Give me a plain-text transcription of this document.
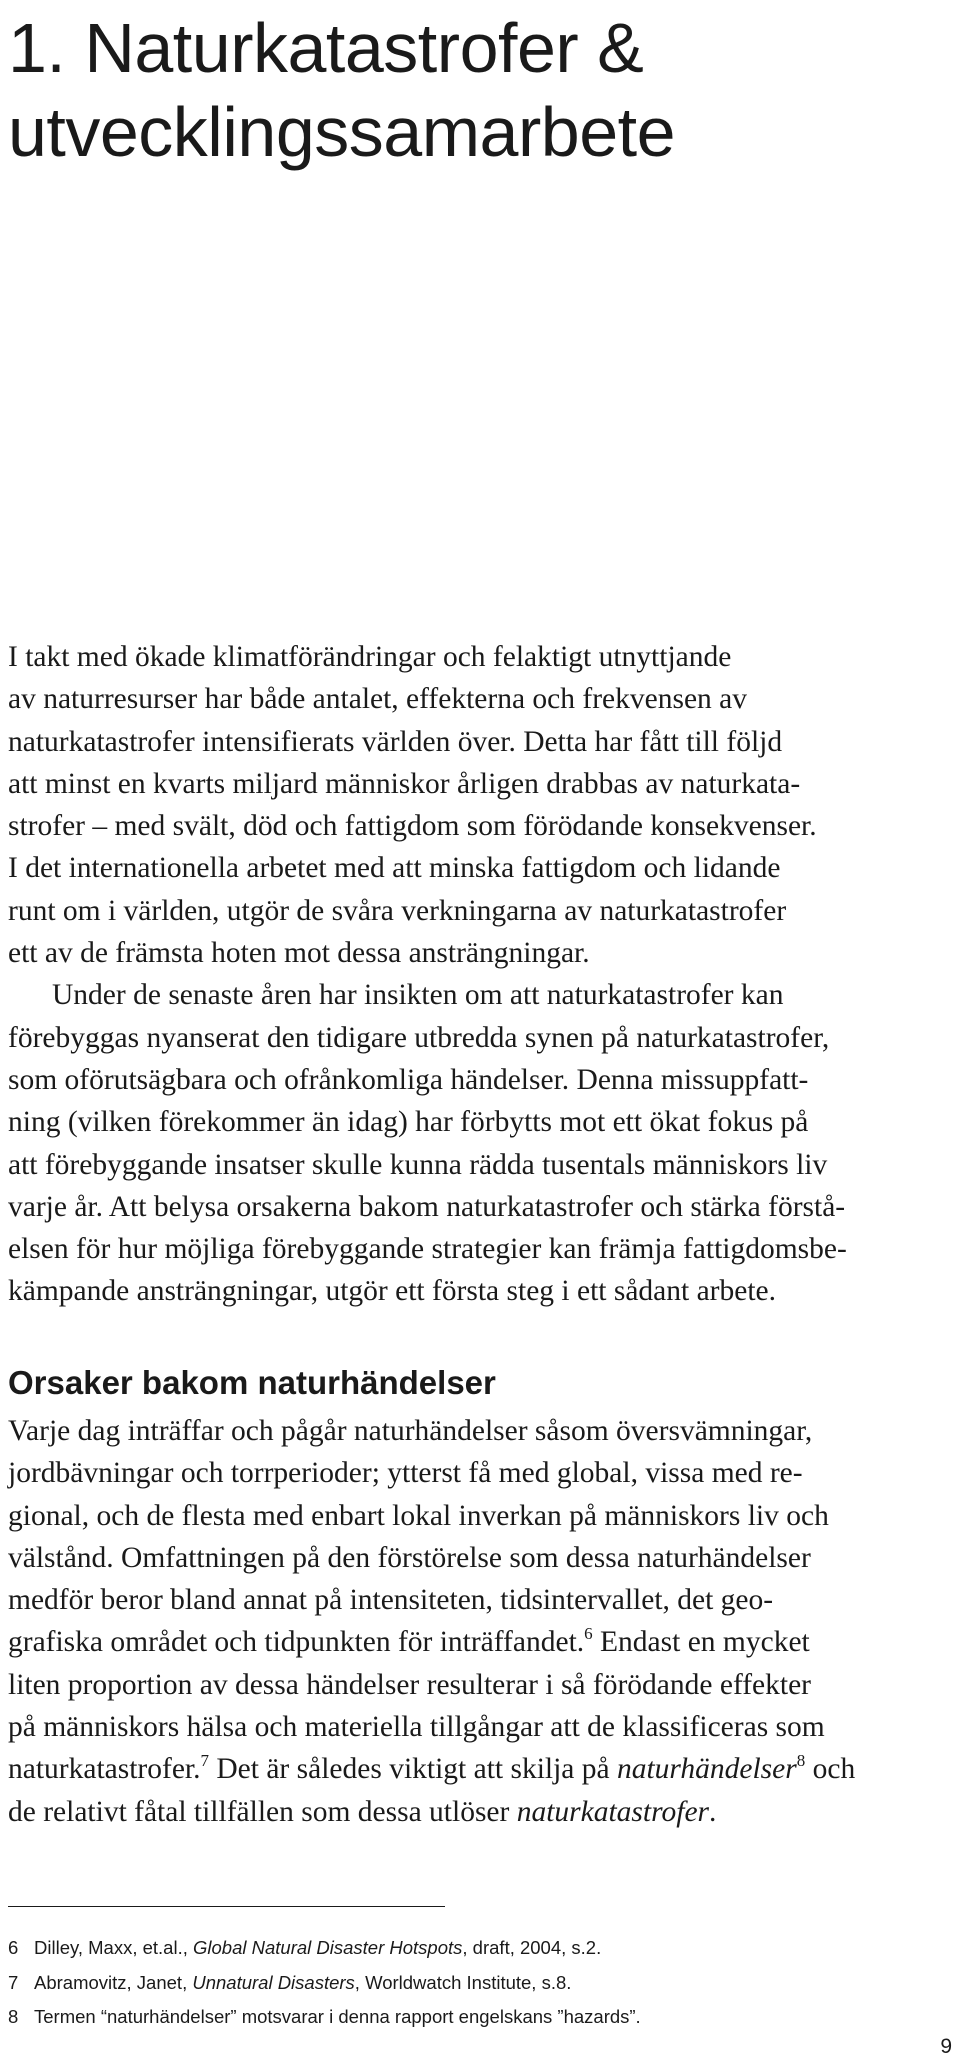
1. Naturkatastrofer &
utvecklingssamarbete
I takt med ökade klimatförändringar och felaktigt utnyttjande
av naturresurser har både antalet, effekterna och frekvensen av
naturkatastrofer intensifierats världen över. Detta har fått till följd
att minst en kvarts miljard människor årligen drabbas av naturkata-
strofer – med svält, död och fattigdom som förödande konsekvenser.
I det internationella arbetet med att minska fattigdom och lidande
runt om i världen, utgör de svåra verkningarna av naturkatastrofer
ett av de främsta hoten mot dessa ansträngningar.
Under de senaste åren har insikten om att naturkatastrofer kan
förebyggas nyanserat den tidigare utbredda synen på naturkatastrofer,
som oförutsägbara och ofrånkomliga händelser. Denna missuppfatt-
ning (vilken förekommer än idag) har förbytts mot ett ökat fokus på
att förebyggande insatser skulle kunna rädda tusentals människors liv
varje år. Att belysa orsakerna bakom naturkatastrofer och stärka förstå-
elsen för hur möjliga förebyggande strategier kan främja fattigdomsbe-
kämpande ansträngningar, utgör ett första steg i ett sådant arbete.
Orsaker bakom naturhändelser
Varje dag inträffar och pågår naturhändelser såsom översvämningar,
jordbävningar och torrperioder; ytterst få med global, vissa med re-
gional, och de flesta med enbart lokal inverkan på människors liv och
välstånd. Omfattningen på den förstörelse som dessa naturhändelser
medför beror bland annat på intensiteten, tidsintervallet, det geo-
grafiska området och tidpunkten för inträffandet.$^6$ Endast en mycket
liten proportion av dessa händelser resulterar i så förödande effekter
på människors hälsa och materiella tillgångar att de klassificeras som
naturkatastrofer.$^7$ Det är således viktigt att skilja på naturhändelser$^8$ och
de relativt fåtal tillfällen som dessa utlöser naturkatastrofer.
6 Dilley, Maxx, et.al., Global Natural Disaster Hotspots, draft, 2004, s.2.
7 Abramovitz, Janet, Unnatural Disasters, Worldwatch Institute, s.8.
8 Termen “naturhändelser” motsvarar i denna rapport engelskans ”hazards”.
9
